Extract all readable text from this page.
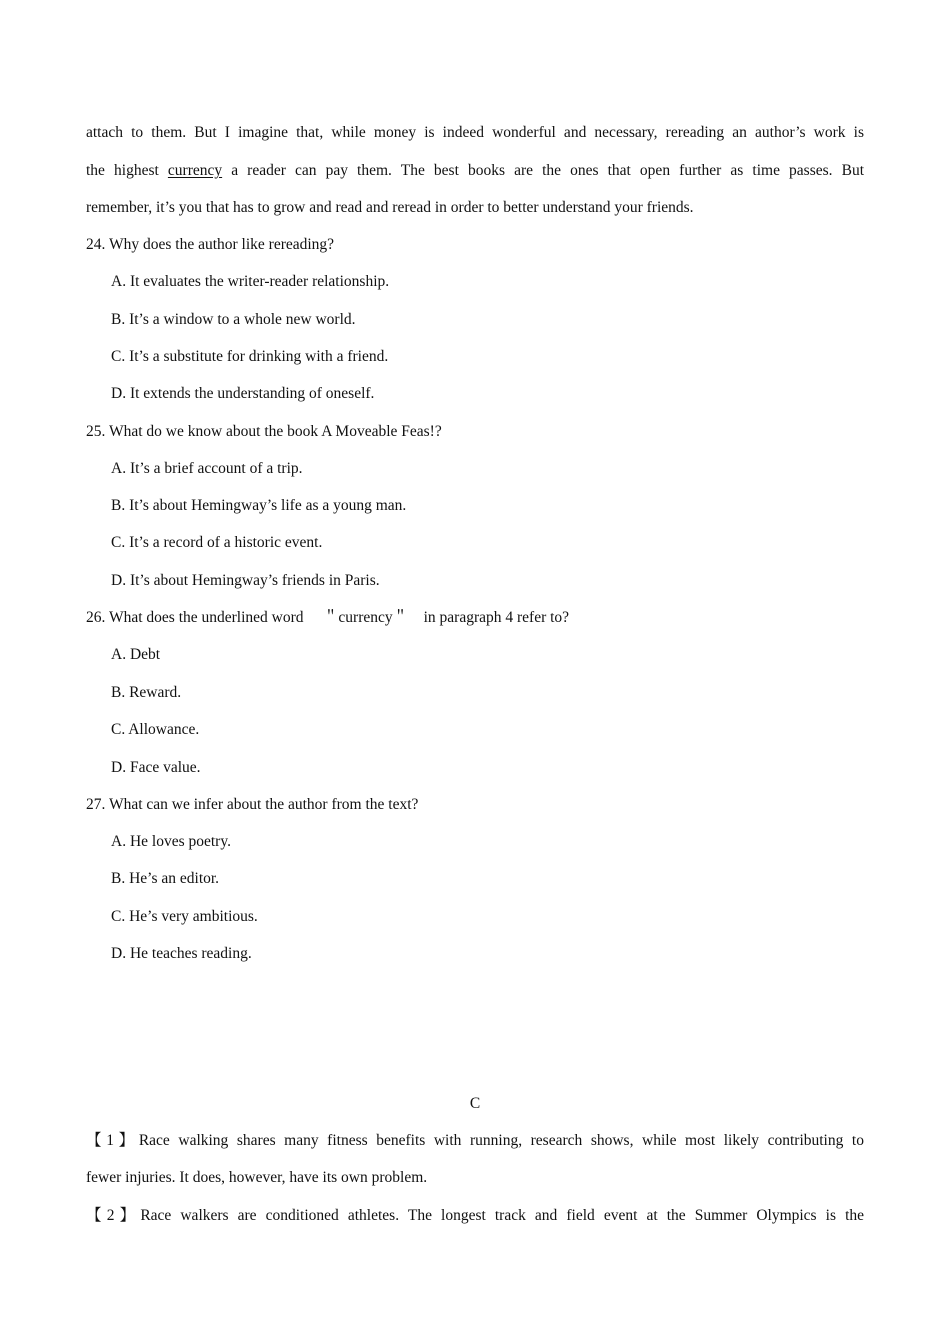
attach to them. But I imagine that, while money is indeed wonderful and necessary, rereading an author’s work is
the highest currency a reader can pay them. The best books are the ones that open further as time passes. But
remember, it’s you that has to grow and read and reread in order to better understand your friends.
24. Why does the author like rereading?
A. It evaluates the writer-reader relationship.
B. It’s a window to a whole new world.
C. It’s a substitute for drinking with a friend.
D. It extends the understanding of oneself.
25. What do we know about the book A Moveable Feas!?
A. It’s a brief account of a trip.
B. It’s about Hemingway’s life as a young man.
C. It’s a record of a historic event.
D. It’s about Hemingway’s friends in Paris.
26. What does the underlined word 　＂currency＂　in paragraph 4 refer to?
A. Debt
B. Reward.
C. Allowance.
D. Face value.
27. What can we infer about the author from the text?
A. He loves poetry.
B. He’s an editor.
C. He’s very ambitious.
D. He teaches reading.
C
【1】Race walking shares many fitness benefits with running, research shows, while most likely contributing to
fewer injuries. It does, however, have its own problem.
【2】Race walkers are conditioned athletes. The longest track and field event at the Summer Olympics is the
